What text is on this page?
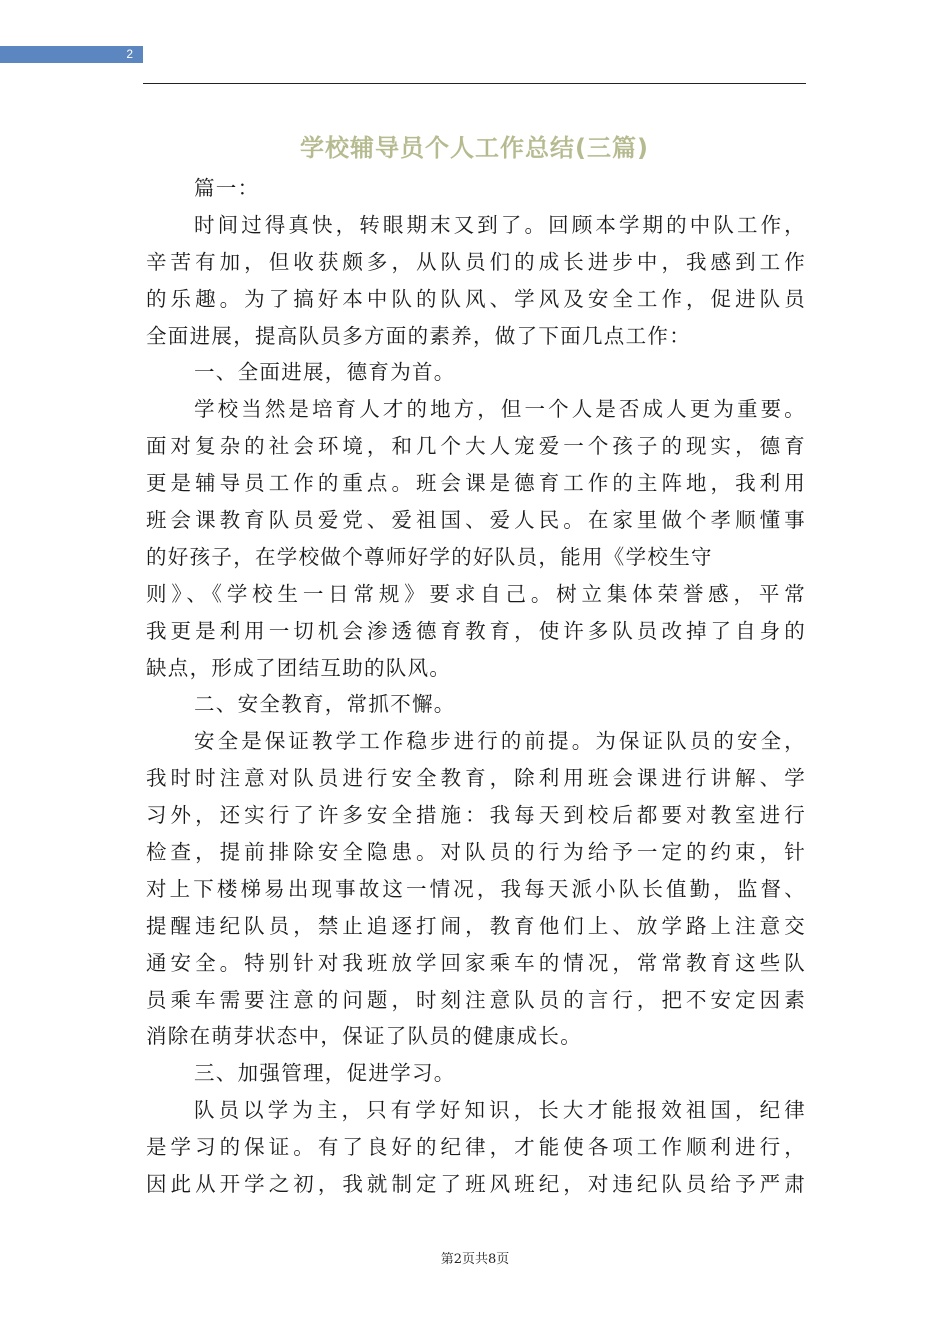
2
学校辅导员个人工作总结(三篇)
篇一：
时间过得真快，转眼期末又到了。回顾本学期的中队工作，
辛苦有加，但收获颇多，从队员们的成长进步中，我感到工作
的乐趣。为了搞好本中队的队风、学风及安全工作，促进队员
全面进展，提高队员多方面的素养，做了下面几点工作：
一、全面进展，德育为首。
学校当然是培育人才的地方，但一个人是否成人更为重要。
面对复杂的社会环境，和几个大人宠爱一个孩子的现实，德育
更是辅导员工作的重点。班会课是德育工作的主阵地，我利用
班会课教育队员爱党、爱祖国、爱人民。在家里做个孝顺懂事
的好孩子，在学校做个尊师好学的好队员，能用《学校生守
则》、《学校生一日常规》要求自己。树立集体荣誉感，平常
我更是利用一切机会渗透德育教育，使许多队员改掉了自身的
缺点，形成了团结互助的队风。
二、安全教育，常抓不懈。
安全是保证教学工作稳步进行的前提。为保证队员的安全，
我时时注意对队员进行安全教育，除利用班会课进行讲解、学
习外，还实行了许多安全措施：我每天到校后都要对教室进行
检查，提前排除安全隐患。对队员的行为给予一定的约束，针
对上下楼梯易出现事故这一情况，我每天派小队长值勤，监督、
提醒违纪队员，禁止追逐打闹，教育他们上、放学路上注意交
通安全。特别针对我班放学回家乘车的情况，常常教育这些队
员乘车需要注意的问题，时刻注意队员的言行，把不安定因素
消除在萌芽状态中，保证了队员的健康成长。
三、加强管理，促进学习。
队员以学为主，只有学好知识，长大才能报效祖国，纪律
是学习的保证。有了良好的纪律，才能使各项工作顺利进行，
因此从开学之初，我就制定了班风班纪，对违纪队员给予严肃
第2页共8页
